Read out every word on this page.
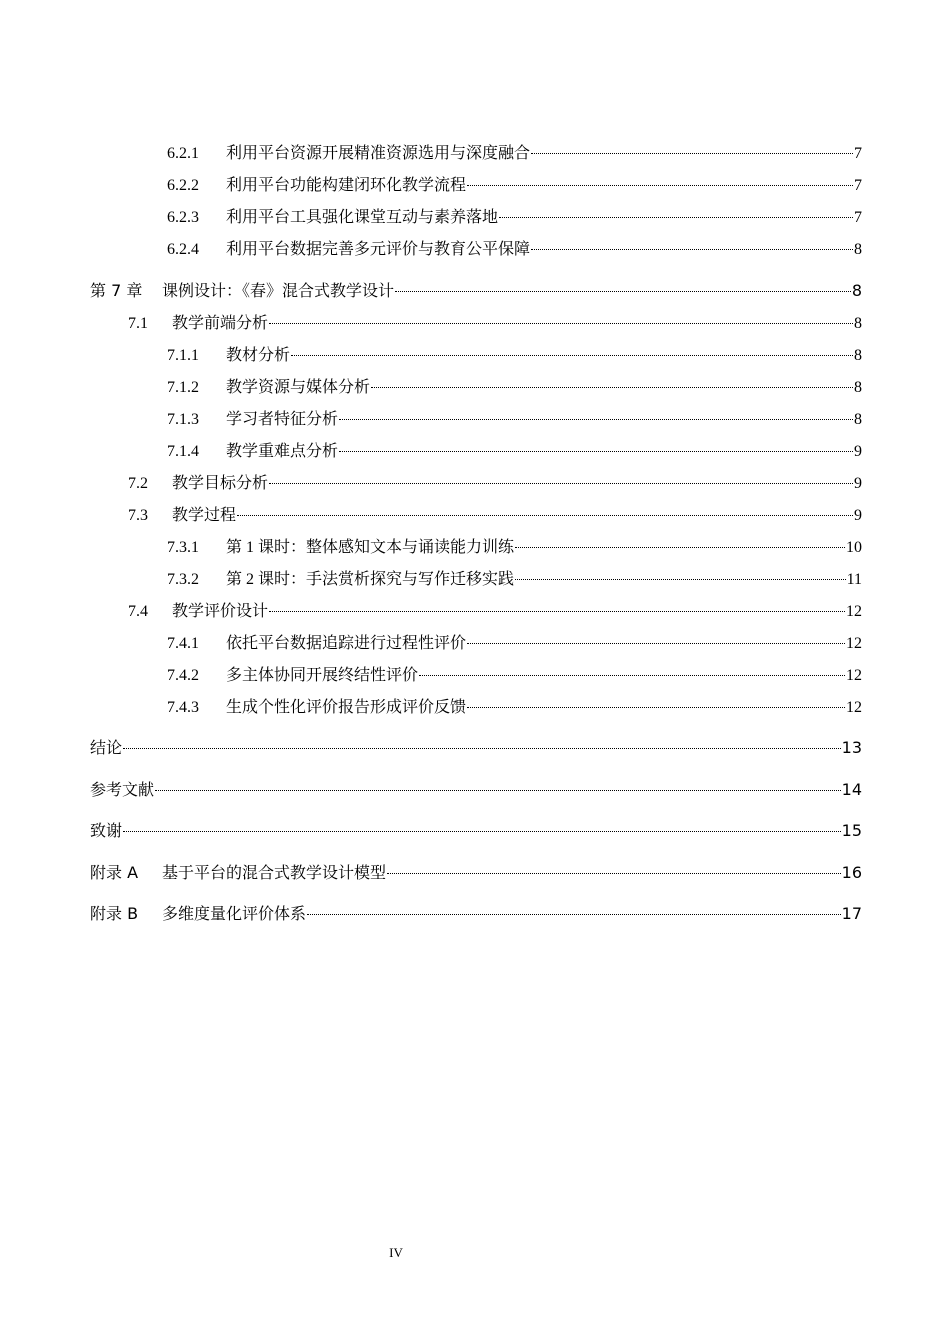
6.2.1	利用平台资源开展精准资源选用与深度融合	7
6.2.2	利用平台功能构建闭环化教学流程	7
6.2.3	利用平台工具强化课堂互动与素养落地	7
6.2.4	利用平台数据完善多元评价与教育公平保障	8
第 7 章	课例设计：《春》混合式教学设计	8
7.1	教学前端分析	8
7.1.1	教材分析	8
7.1.2	教学资源与媒体分析	8
7.1.3	学习者特征分析	8
7.1.4	教学重难点分析	9
7.2	教学目标分析	9
7.3	教学过程	9
7.3.1	第 1 课时：整体感知文本与诵读能力训练	10
7.3.2	第 2 课时：手法赏析探究与写作迁移实践	11
7.4	教学评价设计	12
7.4.1	依托平台数据追踪进行过程性评价	12
7.4.2	多主体协同开展终结性评价	12
7.4.3	生成个性化评价报告形成评价反馈	12
结论	13
参考文献	14
致谢	15
附录 A	基于平台的混合式教学设计模型	16
附录 B	多维度量化评价体系	17
IV
